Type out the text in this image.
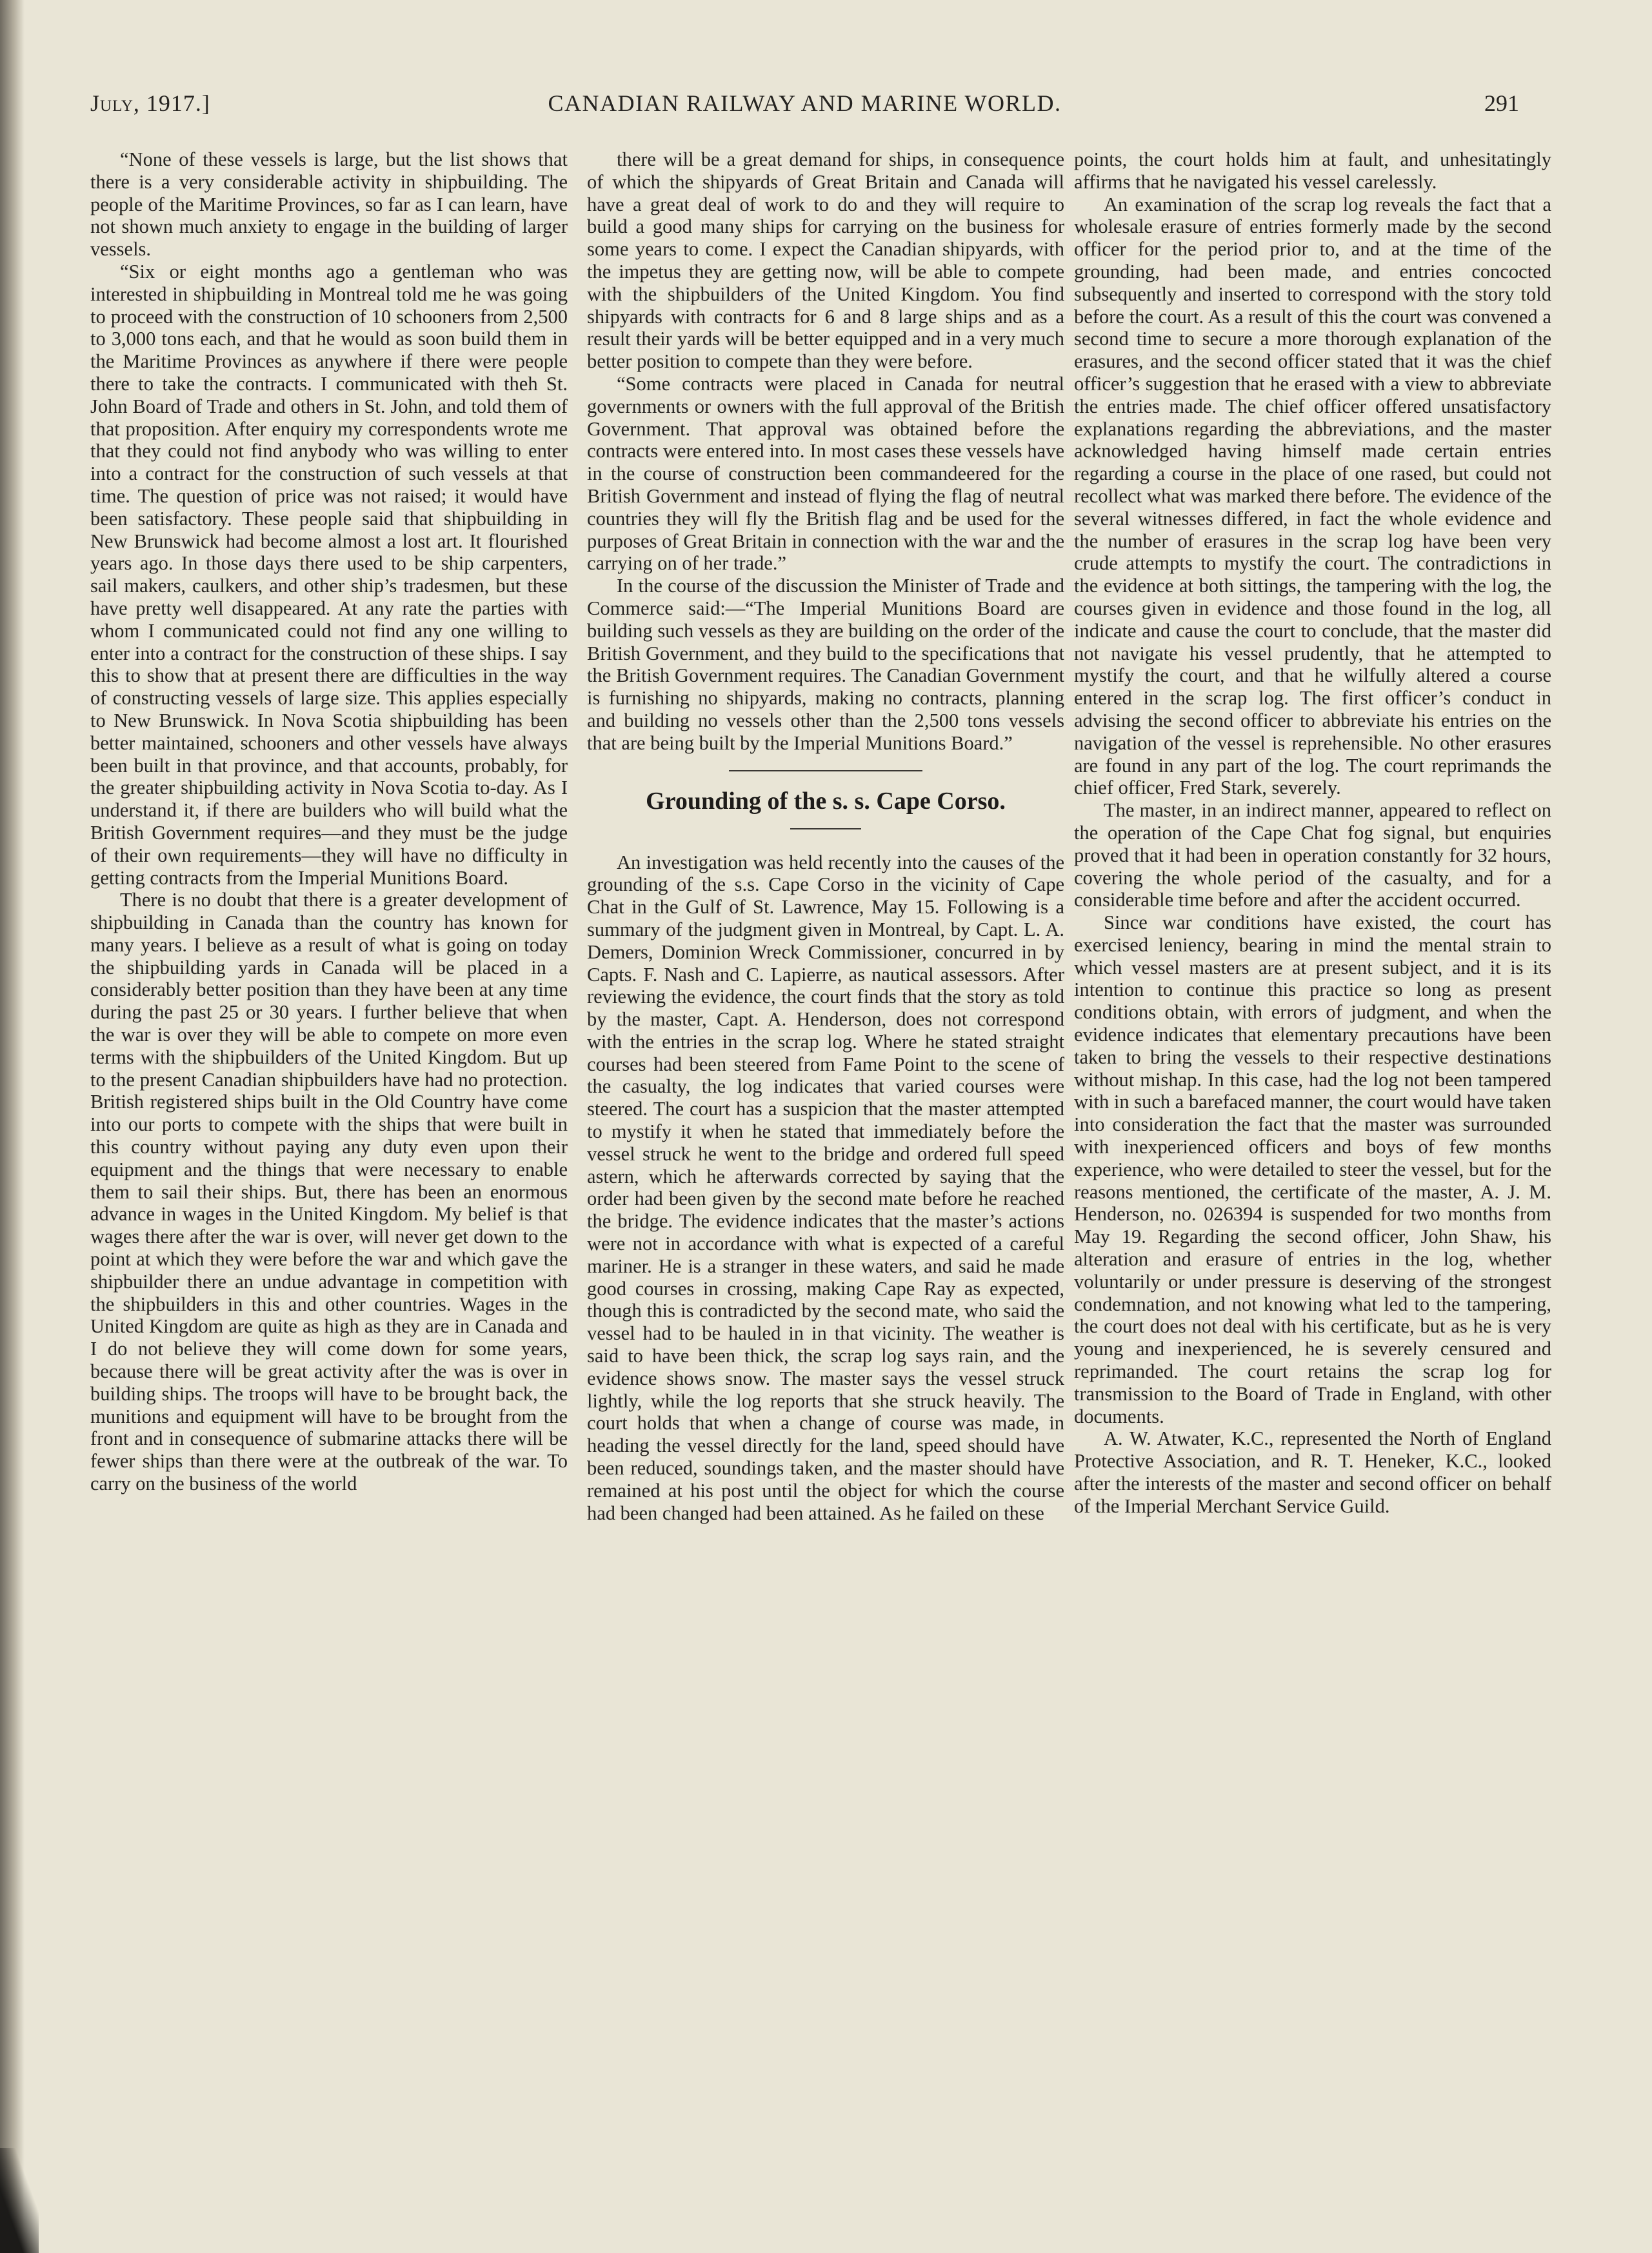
CANADIAN RAILWAY AND MARINE WORLD.
July, 1917.]	291

“None of these vessels is large, but the list shows that there is a very considerable activity in shipbuilding. The people of the Maritime Provinces, so far as I can learn, have not shown much anxiety to engage in the building of larger vessels.

“Six or eight months ago a gentleman who was interested in shipbuilding in Montreal told me he was going to proceed with the construction of 10 schooners from 2,500 to 3,000 tons each, and that he would as soon build them in the Maritime Provinces as anywhere if there were people there to take the contracts. I communicated with theh St. John Board of Trade and others in St. John, and told them of that proposition. After enquiry my correspondents wrote me that they could not find anybody who was willing to enter into a contract for the construction of such vessels at that time. The question of price was not raised; it would have been satisfactory. These people said that shipbuilding in New Brunswick had become almost a lost art. It flourished years ago. In those days there used to be ship carpenters, sail makers, caulkers, and other ship’s tradesmen, but these have pretty well disappeared. At any rate the parties with whom I communicated could not find any one willing to enter into a contract for the construction of these ships. I say this to show that at present there are difficulties in the way of constructing vessels of large size. This applies especially to New Brunswick. In Nova Scotia shipbuilding has been better maintained, schooners and other vessels have always been built in that province, and that accounts, probably, for the greater shipbuilding activity in Nova Scotia to-day. As I understand it, if there are builders who will build what the British Government requires—and they must be the judge of their own requirements—they will have no difficulty in getting contracts from the Imperial Munitions Board.

There is no doubt that there is a greater development of shipbuilding in Canada than the country has known for many years. I believe as a result of what is going on today the shipbuilding yards in Canada will be placed in a considerably better position than they have been at any time during the past 25 or 30 years. I further believe that when the war is over they will be able to compete on more even terms with the shipbuilders of the United Kingdom. But up to the present Canadian shipbuilders have had no protection. British registered ships built in the Old Country have come into our ports to compete with the ships that were built in this country without paying any duty even upon their equipment and the things that were necessary to enable them to sail their ships. But, there has been an enormous advance in wages in the United Kingdom. My belief is that wages there after the war is over, will never get down to the point at which they were before the war and which gave the shipbuilder there an undue advantage in competition with the shipbuilders in this and other countries. Wages in the United Kingdom are quite as high as they are in Canada and I do not believe they will come down for some years, because there will be great activity after the was is over in building ships. The troops will have to be brought back, the munitions and equipment will have to be brought from the front and in consequence of submarine attacks there will be fewer ships than there were at the outbreak of the war. To carry on the business of the world

there will be a great demand for ships, in consequence of which the shipyards of Great Britain and Canada will have a great deal of work to do and they will require to build a good many ships for carrying on the business for some years to come. I expect the Canadian shipyards, with the impetus they are getting now, will be able to compete with the shipbuilders of the United Kingdom. You find shipyards with contracts for 6 and 8 large ships and as a result their yards will be better equipped and in a very much better position to compete than they were before.

“Some contracts were placed in Canada for neutral governments or owners with the full approval of the British Government. That approval was obtained before the contracts were entered into. In most cases these vessels have in the course of construction been commandeered for the British Government and instead of flying the flag of neutral countries they will fly the British flag and be used for the purposes of Great Britain in connection with the war and the carrying on of her trade.”

In the course of the discussion the Minister of Trade and Commerce said:—“The Imperial Munitions Board are building such vessels as they are building on the order of the British Government, and they build to the specifications that the British Government requires. The Canadian Government is furnishing no shipyards, making no contracts, planning and building no vessels other than the 2,500 tons vessels that are being built by the Imperial Munitions Board.”

Grounding of the s. s. Cape Corso.

An investigation was held recently into the causes of the grounding of the s.s. Cape Corso in the vicinity of Cape Chat in the Gulf of St. Lawrence, May 15. Following is a summary of the judgment given in Montreal, by Capt. L. A. Demers, Dominion Wreck Commissioner, concurred in by Capts. F. Nash and C. Lapierre, as nautical assessors. After reviewing the evidence, the court finds that the story as told by the master, Capt. A. Henderson, does not correspond with the entries in the scrap log. Where he stated straight courses had been steered from Fame Point to the scene of the casualty, the log indicates that varied courses were steered. The court has a suspicion that the master attempted to mystify it when he stated that immediately before the vessel struck he went to the bridge and ordered full speed astern, which he afterwards corrected by saying that the order had been given by the second mate before he reached the bridge. The evidence indicates that the master’s actions were not in accordance with what is expected of a careful mariner. He is a stranger in these waters, and said he made good courses in crossing, making Cape Ray as expected, though this is contradicted by the second mate, who said the vessel had to be hauled in in that vicinity. The weather is said to have been thick, the scrap log says rain, and the evidence shows snow. The master says the vessel struck lightly, while the log reports that she struck heavily. The court holds that when a change of course was made, in heading the vessel directly for the land, speed should have been reduced, soundings taken, and the master should have remained at his post until the object for which the course had been changed had been attained. As he failed on these

points, the court holds him at fault, and unhesitatingly affirms that he navigated his vessel carelessly.

An examination of the scrap log reveals the fact that a wholesale erasure of entries formerly made by the second officer for the period prior to, and at the time of the grounding, had been made, and entries concocted subsequently and inserted to correspond with the story told before the court. As a result of this the court was convened a second time to secure a more thorough explanation of the erasures, and the second officer stated that it was the chief officer’s suggestion that he erased with a view to abbreviate the entries made. The chief officer offered unsatisfactory explanations regarding the abbreviations, and the master acknowledged having himself made certain entries regarding a course in the place of one rased, but could not recollect what was marked there before. The evidence of the several witnesses differed, in fact the whole evidence and the number of erasures in the scrap log have been very crude attempts to mystify the court. The contradictions in the evidence at both sittings, the tampering with the log, the courses given in evidence and those found in the log, all indicate and cause the court to conclude, that the master did not navigate his vessel prudently, that he attempted to mystify the court, and that he wilfully altered a course entered in the scrap log. The first officer’s conduct in advising the second officer to abbreviate his entries on the navigation of the vessel is reprehensible. No other erasures are found in any part of the log. The court reprimands the chief officer, Fred Stark, severely.

The master, in an indirect manner, appeared to reflect on the operation of the Cape Chat fog signal, but enquiries proved that it had been in operation constantly for 32 hours, covering the whole period of the casualty, and for a considerable time before and after the accident occurred.

Since war conditions have existed, the court has exercised leniency, bearing in mind the mental strain to which vessel masters are at present subject, and it is its intention to continue this practice so long as present conditions obtain, with errors of judgment, and when the evidence indicates that elementary precautions have been taken to bring the vessels to their respective destinations without mishap. In this case, had the log not been tampered with in such a barefaced manner, the court would have taken into consideration the fact that the master was surrounded with inexperienced officers and boys of few months experience, who were detailed to steer the vessel, but for the reasons mentioned, the certificate of the master, A. J. M. Henderson, no. 026394 is suspended for two months from May 19. Regarding the second officer, John Shaw, his alteration and erasure of entries in the log, whether voluntarily or under pressure is deserving of the strongest condemnation, and not knowing what led to the tampering, the court does not deal with his certificate, but as he is very young and inexperienced, he is severely censured and reprimanded. The court retains the scrap log for transmission to the Board of Trade in England, with other documents.

A. W. Atwater, K.C., represented the North of England Protective Association, and R. T. Heneker, K.C., looked after the interests of the master and second officer on behalf of the Imperial Merchant Service Guild.
